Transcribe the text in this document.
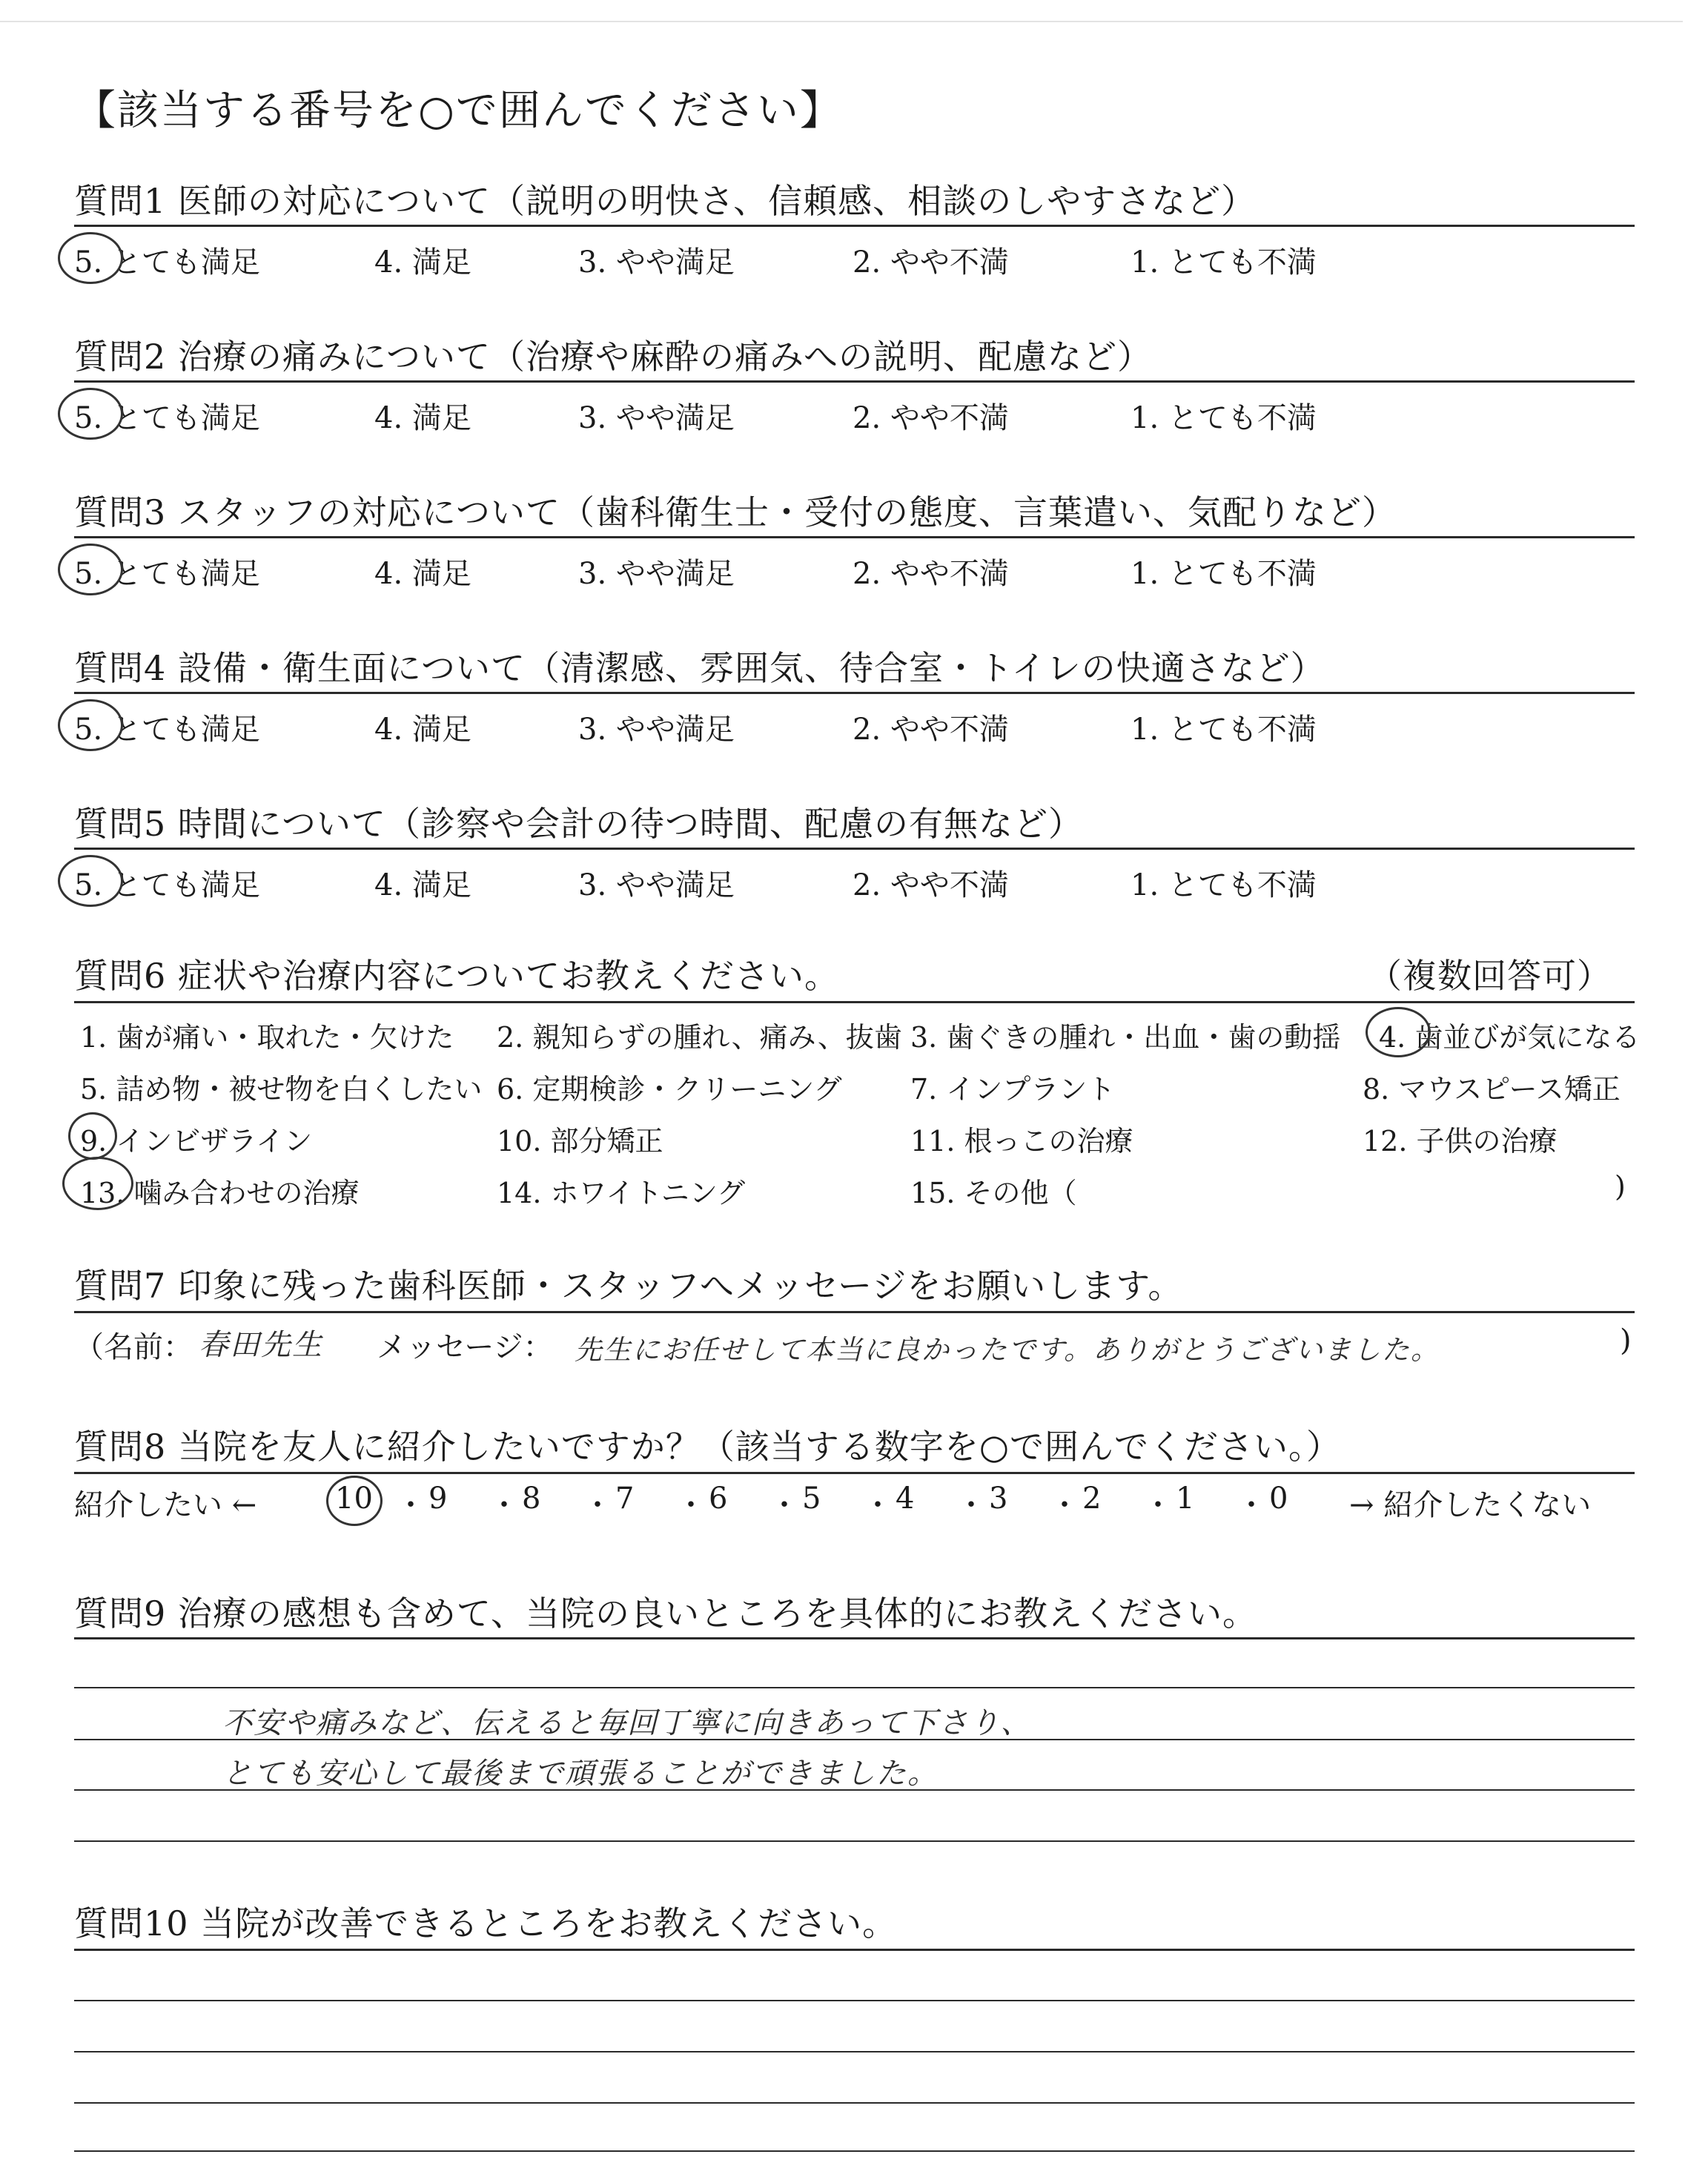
【該当する番号を○で囲んでください】
質問1 医師の対応について（説明の明快さ、信頼感、相談のしやすさなど）
5. とても満足	4. 満足	3. やや満足	2. やや不満	1. とても不満
質問2 治療の痛みについて（治療や麻酔の痛みへの説明、配慮など）
5. とても満足	4. 満足	3. やや満足	2. やや不満	1. とても不満
質問3 スタッフの対応について（歯科衛生士・受付の態度、言葉遣い、気配りなど）
5. とても満足	4. 満足	3. やや満足	2. やや不満	1. とても不満
質問4 設備・衛生面について（清潔感、雰囲気、待合室・トイレの快適さなど）
5. とても満足	4. 満足	3. やや満足	2. やや不満	1. とても不満
質問5 時間について（診察や会計の待つ時間、配慮の有無など）
5. とても満足	4. 満足	3. やや満足	2. やや不満	1. とても不満
質問6 症状や治療内容についてお教えください。	（複数回答可）
1. 歯が痛い・取れた・欠けた 2. 親知らずの腫れ、痛み、抜歯 3. 歯ぐきの腫れ・出血・歯の動揺 4. 歯並びが気になる
5. 詰め物・被せ物を白くしたい 6. 定期検診・クリーニング 7. インプラント	8. マウスピース矯正
9. インビザライン	10. 部分矯正	11. 根っこの治療	12. 子供の治療
13. 噛み合わせの治療	14. ホワイトニング	15. その他（	)
質問7 印象に残った歯科医師・スタッフへメッセージをお願いします。
（名前： 春田先生 メッセージ： 先生にお任せして本当に良かったです。ありがとうございました。	)
質問8 当院を友人に紹介したいですか？（該当する数字を○で囲んでください。）
紹介したい ←	10 ・ 9 ・ 8 ・ 7 ・ 6 ・ 5 ・ 4 ・ 3 ・ 2 ・ 1 ・ 0 → 紹介したくない
質問9 治療の感想も含めて、当院の良いところを具体的にお教えください。
不安や痛みなど、伝えると毎回丁寧に向きあって下さり、
とても安心して最後まで頑張ることができました。
質問10 当院が改善できるところをお教えください。
